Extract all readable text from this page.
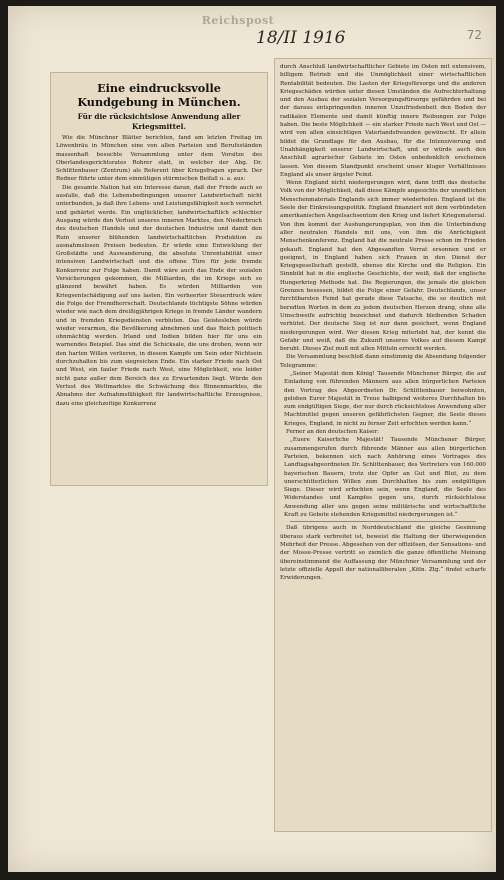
Reichspost
18/II 1916	72
Eine eindrucksvolle Kundgebung in München.
Für die rücksichtslose Anwendung aller Kriegsmittel.

Wie die Münchner Blätter berichten, fand am letzten Freitag im Löwenbräu in München eine von allen Parteien und Berufsständen massenhaft besuchte Versammlung unter dem Vorsitze des Oberlandesgerichtsrates Rohrer statt, in welcher der Abg. Dr. Schlittenbauer (Zentrum) als Referent über Kriegsfragen sprach. Der Redner führte unter dem einmütigen stürmischen Beifall u. a. aus:

Die gesamte Nation hat ein Interesse daran, daß der Friede auch so ausfalle, daß die Lebensbedingungen unserer Landwirtschaft nicht unterbunden, ja daß ihre Lebens- und Leistungsfähigkeit noch vermehrt und gehärtet werde. Ein unglücklicher, landwirtschaftlich schlechter Ausgang würde den Verlust unseres inneren Marktes, den Niederbruch des deutschen Handels und der deutschen Industrie und damit den Ruin unserer blühenden landwirtschaftlichen Produktion zu ausnahmslosen Preisen bedeuten. Er würde eine Entwicklung der Großstädte und Auswanderung, die absolute Unrentabilität einer intensiven Landwirtschaft und die offene Türe für jede fremde Konkurrenz zur Folge haben. Damit wäre auch das Ende der sozialen Versicherungen gekommen, die Milliarden, die im Kriege sich so glänzend bewährt haben. Es würden Milliarden von Kriegsentschädigung auf uns lasten. Ein verheerter Steuerdruck wäre die Folge der Fremdherrschaft. Deutschlands tüchtigste Söhne würden wieder wie nach dem dreißigjährigen Kriege in fremde Länder wandern und in fremden Kriegsdiensten verbluten. Das Geistesleben würde wieder verarmen, die Bevölkerung abnehmen und das Reich politisch ohnmächtig werden. Irland und Indien bilden hier für uns ein warnendes Beispiel. Das sind die Schicksale, die uns drohen, wenn wir den harten Willen verlieren, in diesem Kampfe um Sein oder Nichtsein durchzuhalten bis zum siegreichen Ende. Ein starker Friede nach Ost und West, ein fauler Friede nach West, eine Möglichkeit, wie leider nicht ganz außer dem Bereich des zu Erwartenden liegt. Würde den Verlust des Weltmarktes die Schwächung des Binnenmarktes, die Abnahme der Aufnahmsfähigkeit für landwirtschaftliche Erzeugnisse, dazu eine gleichzeitige Konkurrenz

durch Anschluß landwirtschaftlicher Gebiete im Osten mit extensivem, billigem Betrieb und die Unmöglichkeit einer wirtschaftlichen Rentabilität bedeuten. Die Lasten der Kriegsfürsorge und die anderen Kriegsschäden würden unter diesen Umständen die Aufrechterhaltung und den Ausbau der sozialen Versorgungsfürsorge gefährden und bei der daraus entspringenden inneren Unzufriedenheit den Boden der radikalen Elemente und damit künftig innere Reibungen zur Folge haben. Die beste Möglichkeit — ein starker Friede nach West und Ost — wird von allen einsichtigen Vaterlandsfreunden gewünscht. Er allein bildet die Grundlage für den Ausbau, für die Intensivierung und Unabhängigkeit unserer Landwirtschaft, und er würde auch den Anschluß agrarischer Gebiete im Osten unbedenklich erscheinen lassen. Von diesem Standpunkt erscheint unser kluger Verhältnisses England als unser ärgster Feind.

Wenn England nicht niedergerungen wird, dann trifft das deutsche Volk von der Möglichkeit, daß diese Kämpfe angesichts der unendlichen Menschenmaterials Englands sich immer wiederholen. England ist die Seele der Einkreisungspolitik. England finanziert mit dem verbündeten amerikanischen Angelsachsentum den Krieg und liefert Kriegsmaterial. Von ihm kommt der Aushungerungsplan, von ihm die Unterbindung aller neutralen Handels mit uns, von ihm die Anrüchigkeit Menschenkonferenz. England hat die neutrale Presse schon im Frieden gekauft. England hat den Abgesandten Verrat ersonnen und er geeignet, in England haben sich Frauen in den Dienst der Kriegsgesellschaft gestellt, ebenso die Kirche und die Religion. Ein Sinnbild hat in die englische Geschichte, der weiß, daß der englische Hungerkrieg Methode hat. Die Regierungen, die jemals die gleichen Grenzen besessen, bildet die Folge einer Gefahr. Deutschlands, unser furchtbarsten Feind hat gerade diese Tatsache, die so deutlich mit beredten Worten in dem zu jedem deutschen Herzen drang, ohne alle Umschweife aufrichtig bezeichnet und dadurch bleibenden Schaden verhütet. Der deutsche Sieg ist nur dann gesichert, wenn England niedergerungen wird. Wer diesen Krieg miterlebt hat, der kennt die Gefahr und weiß, daß die Zukunft unseres Volkes auf diesem Kampf beruht. Dieses Ziel muß mit allen Mitteln erreicht werden.

Die Versammlung beschloß dann einstimmig die Absendung folgender Telegramme:

„Seiner Majestät dem König! Tausende Münchener Bürger, die auf Einladung von führenden Männern aus allen bürgerlichen Parteien den Vortrag des Abgeordneten Dr. Schlittenbauer beiwohnten, geloben Eurer Majestät in Treue halbigend weiteres Durchhalten bis zum endgültigen Siege, der nur durch rücksichtslose Anwendung aller Machtmittel gegen unseren gefährlichsten Gegner, die Seele dieses Krieges, England, in nicht zu ferner Zeit erfochten werden kann.“

Ferner an den deutschen Kaiser:

„Euere Kaiserliche Majestät! Tausende Münchener Bürger, zusammengerufen durch führende Männer aus allen bürgerlichen Parteien, bekennen sich nach Anhörung eines Vortrages des Landtagsabgeordneten Dr. Schlittenbauer, des Vertreters von 160.000 bayerischen Bauern, trotz der Opfer an Gut und Blut, zu dem unerschütterlichen Willen zum Durchhalten bis zum endgültigen Siege. Dieser wird erfochten sein, wenn England, die Seele des Widerstandes und Kampfes gegen uns, durch rücksichtslose Anwendung aller uns gegen seine militärische und wirtschaftliche Kraft zu Gebote stehenden Kriegsmittel niedergerungen ist.“

Daß übrigens auch in Norddeutschland die gleiche Gesinnung überaus stark verbreitet ist, beweist die Haltung der überwiegenden Mehrheit der Presse. Abgesehen von der offiziösen, der Sensations- und der Mosse-Presse vertritt so ziemlich die ganze öffentliche Meinung übereinstimmend die Auffassung der Münchner Versammlung und der letzte offizielle Appell der nationalliberalen „Köln. Ztg.“ findet scharfe Erwiderungen.
